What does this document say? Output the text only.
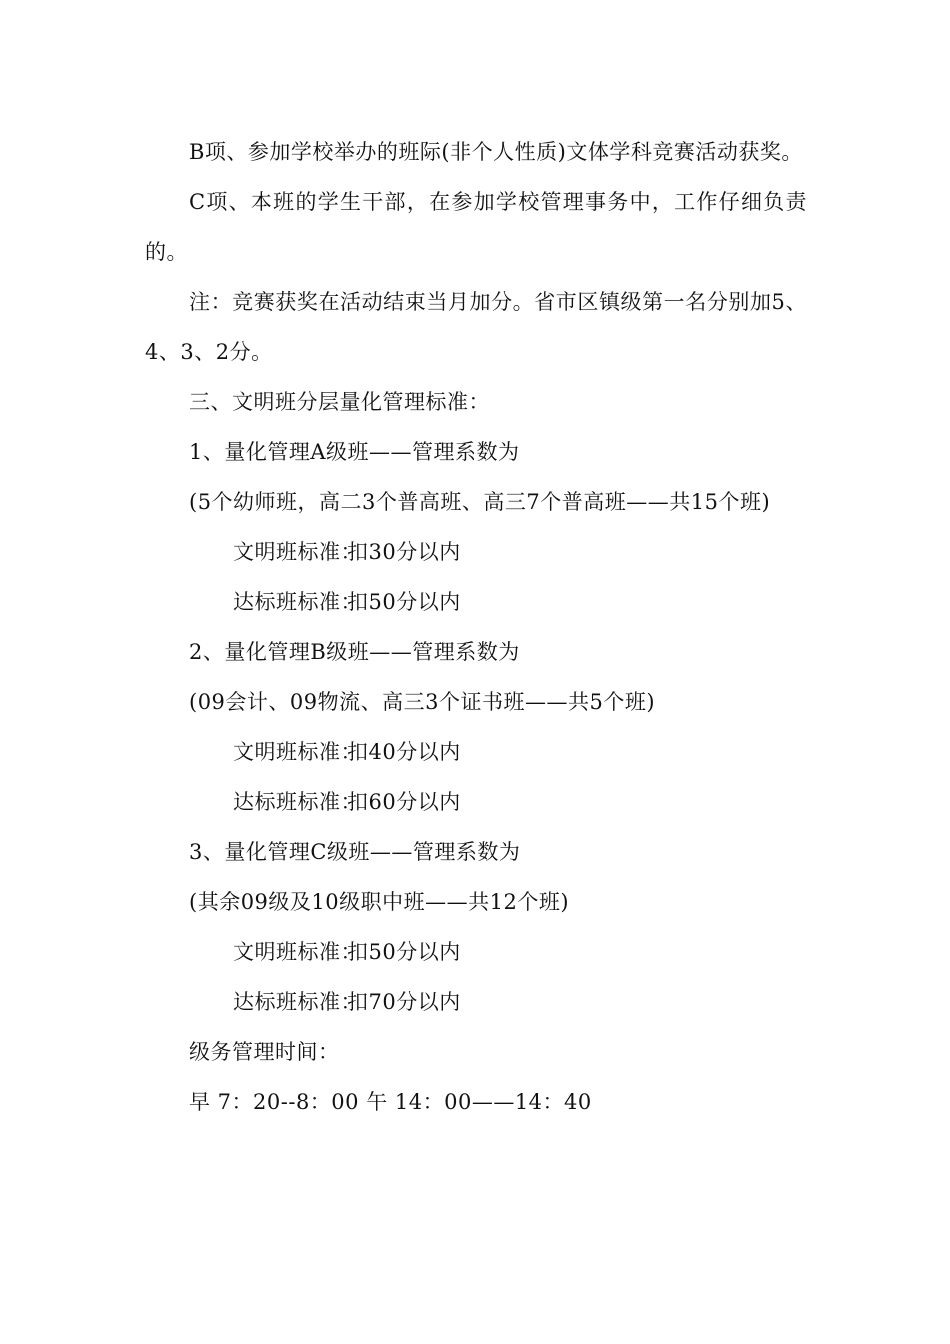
B项、参加学校举办的班际(非个人性质)文体学科竞赛活动获奖。

C项、本班的学生干部，在参加学校管理事务中，工作仔细负责的。

注：竞赛获奖在活动结束当月加分。省市区镇级第一名分别加5、4、3、2分。

三、文明班分层量化管理标准：

1、量化管理A级班——管理系数为

(5个幼师班，高二3个普高班、高三7个普高班——共15个班)

文明班标准：扣30分以内

达标班标准：扣50分以内

2、量化管理B级班——管理系数为

(09会计、09物流、高三3个证书班——共5个班)

文明班标准：扣40分以内

达标班标准：扣60分以内

3、量化管理C级班——管理系数为

(其余09级及10级职中班——共12个班)

文明班标准：扣50分以内

达标班标准：扣70分以内

级务管理时间：

早 7：20--8：00 午 14：00——14：40
